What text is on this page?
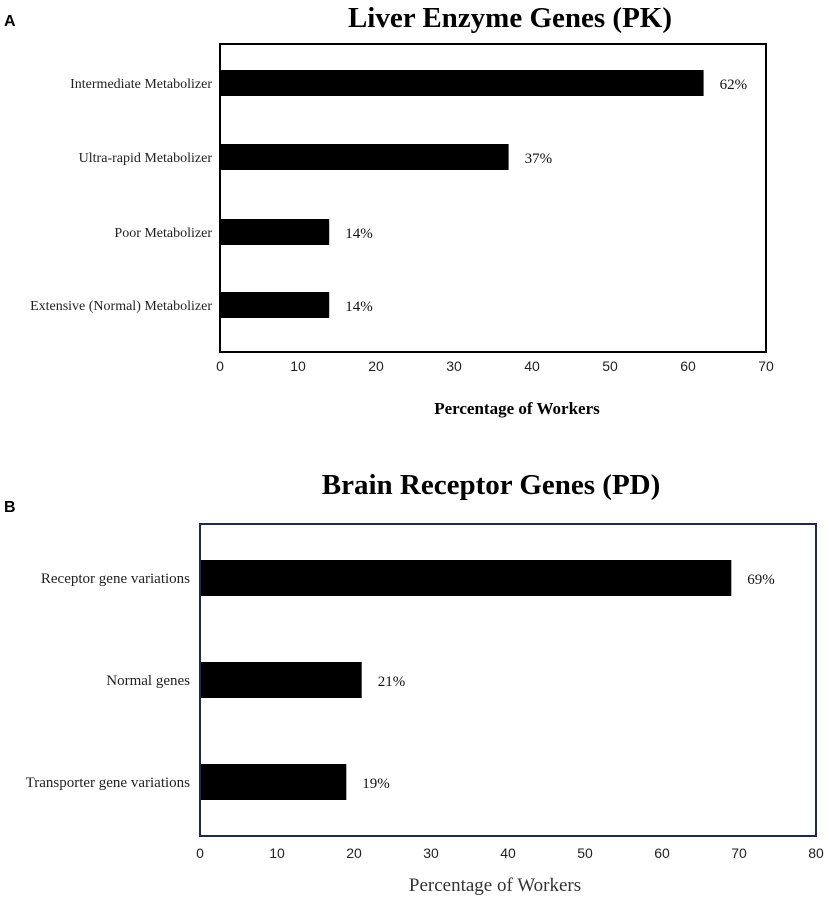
A	Liver Enzyme Genes (PK)
Intermediate Metabolizer
Ultra-rapid Metabolizer
Poor Metabolizer
Extensive (Normal) Metabolizer
62%
37%
14%
14%
0	10	20	30	40	50	60	70
Percentage of Workers
B
Brain Receptor Genes (PD)
Receptor gene variations
Normal genes
Transporter gene variations
69%
21%
19%
0	10	20	30	40	50	60	70	80
Percentage of Workers
